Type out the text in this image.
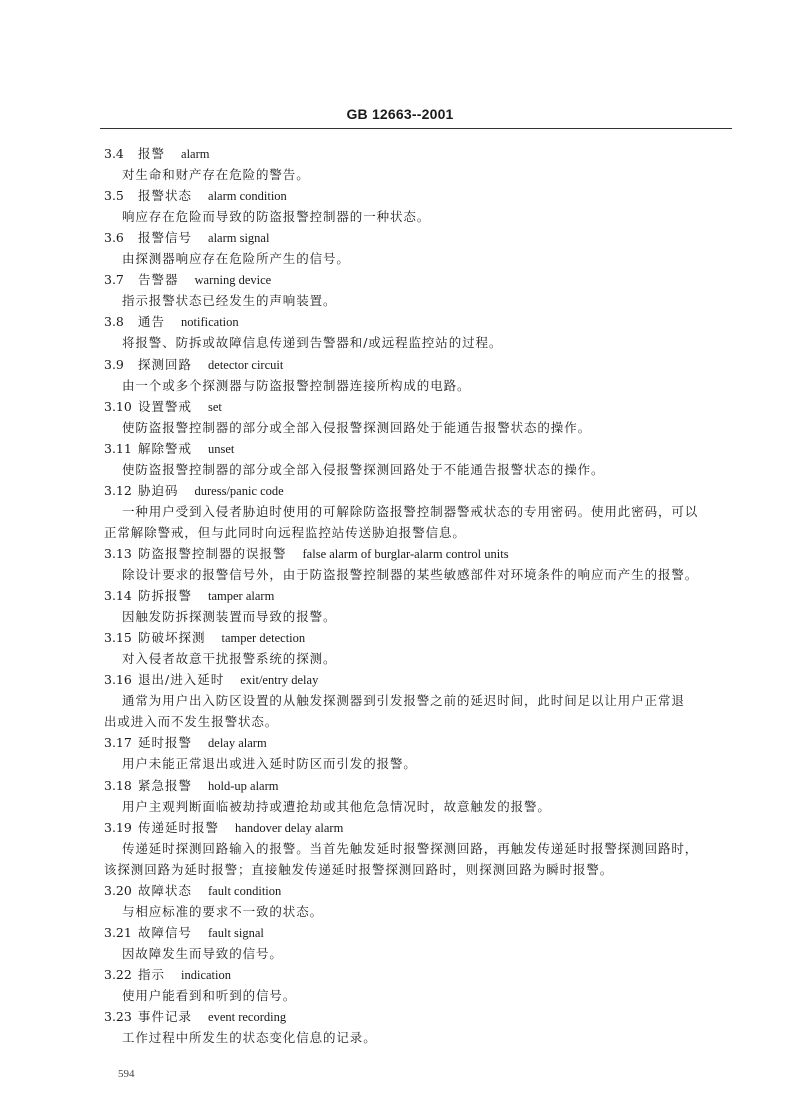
GB 12663--2001
3.4 报警 alarm
对生命和财产存在危险的警告。
3.5 报警状态 alarm condition
响应存在危险而导致的防盗报警控制器的一种状态。
3.6 报警信号 alarm signal
由探测器响应存在危险所产生的信号。
3.7 告警器 warning device
指示报警状态已经发生的声响装置。
3.8 通告 notification
将报警、防拆或故障信息传递到告警器和/或远程监控站的过程。
3.9 探测回路 detector circuit
由一个或多个探测器与防盗报警控制器连接所构成的电路。
3.10 设置警戒 set
使防盗报警控制器的部分或全部入侵报警探测回路处于能通告报警状态的操作。
3.11 解除警戒 unset
使防盗报警控制器的部分或全部入侵报警探测回路处于不能通告报警状态的操作。
3.12 胁迫码 duress/panic code
一种用户受到入侵者胁迫时使用的可解除防盗报警控制器警戒状态的专用密码。使用此密码，可以
正常解除警戒，但与此同时向远程监控站传送胁迫报警信息。
3.13 防盗报警控制器的误报警 false alarm of burglar-alarm control units
除设计要求的报警信号外，由于防盗报警控制器的某些敏感部件对环境条件的响应而产生的报警。
3.14 防拆报警 tamper alarm
因触发防拆探测装置而导致的报警。
3.15 防破坏探测 tamper detection
对入侵者故意干扰报警系统的探测。
3.16 退出/进入延时 exit/entry delay
通常为用户出入防区设置的从触发探测器到引发报警之前的延迟时间，此时间足以让用户正常退
出或进入而不发生报警状态。
3.17 延时报警 delay alarm
用户未能正常退出或进入延时防区而引发的报警。
3.18 紧急报警 hold-up alarm
用户主观判断面临被劫持或遭抢劫或其他危急情况时，故意触发的报警。
3.19 传递延时报警 handover delay alarm
传递延时探测回路输入的报警。当首先触发延时报警探测回路，再触发传递延时报警探测回路时，
该探测回路为延时报警；直接触发传递延时报警探测回路时，则探测回路为瞬时报警。
3.20 故障状态 fault condition
与相应标准的要求不一致的状态。
3.21 故障信号 fault signal
因故障发生而导致的信号。
3.22 指示 indication
使用户能看到和听到的信号。
3.23 事件记录 event recording
工作过程中所发生的状态变化信息的记录。
594
